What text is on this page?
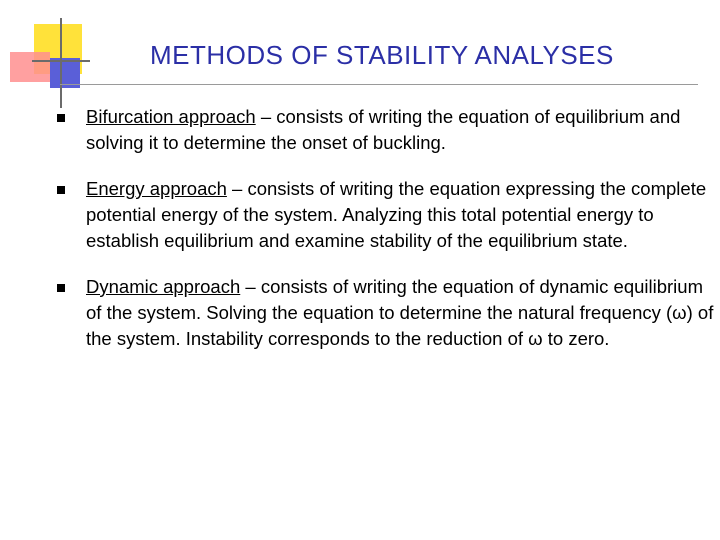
METHODS OF STABILITY ANALYSES
Bifurcation approach – consists of writing the equation of equilibrium and solving it to determine the onset of buckling.
Energy approach – consists of writing the equation expressing the complete potential energy of the system. Analyzing this total potential energy to establish equilibrium and examine stability of the equilibrium state.
Dynamic approach – consists of writing the equation of dynamic equilibrium of the system. Solving the equation to determine the natural frequency (ω) of the system. Instability corresponds to the reduction of ω to zero.
